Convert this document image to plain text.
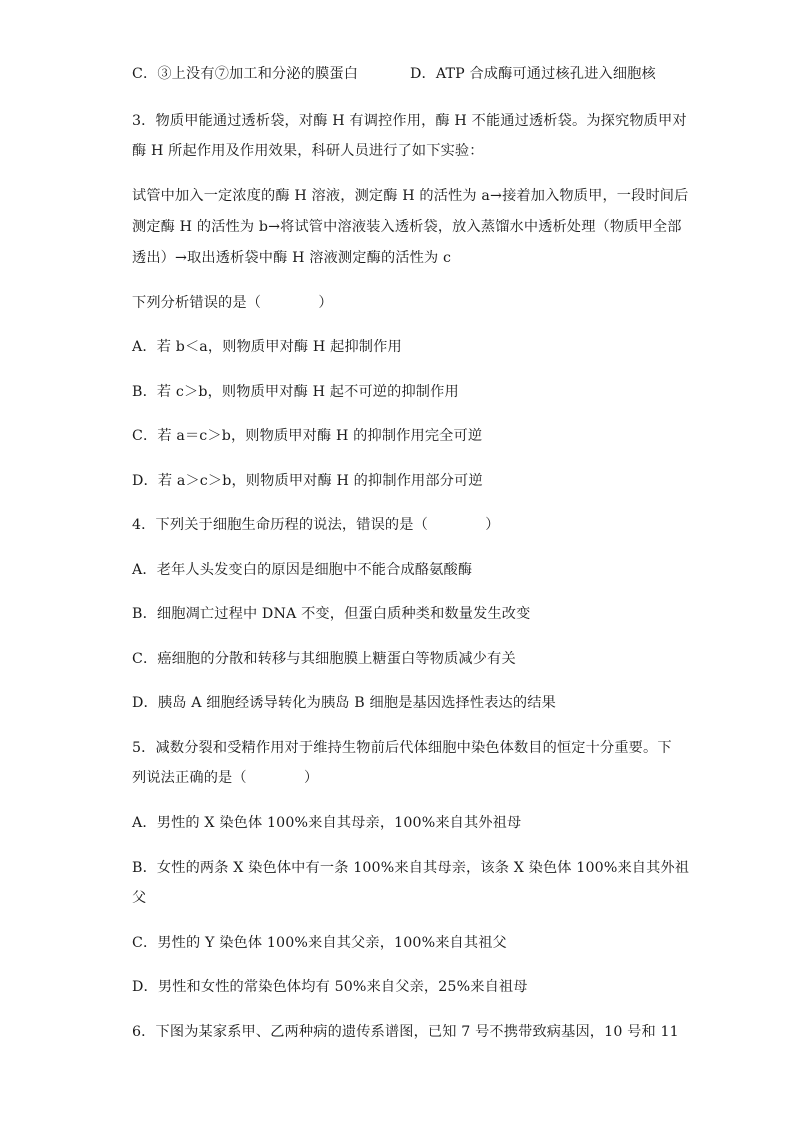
C．③上没有⑦加工和分泌的膜蛋白	D．ATP 合成酶可通过核孔进入细胞核
3．物质甲能通过透析袋，对酶 H 有调控作用，酶 H 不能通过透析袋。为探究物质甲对
酶 H 所起作用及作用效果，科研人员进行了如下实验：
试管中加入一定浓度的酶 H 溶液，测定酶 H 的活性为 a→接着加入物质甲，一段时间后
测定酶 H 的活性为 b→将试管中溶液装入透析袋，放入蒸馏水中透析处理（物质甲全部
透出）→取出透析袋中酶 H 溶液测定酶的活性为 c
下列分析错误的是（　　　　）
A．若 b＜a，则物质甲对酶 H 起抑制作用
B．若 c＞b，则物质甲对酶 H 起不可逆的抑制作用
C．若 a＝c＞b，则物质甲对酶 H 的抑制作用完全可逆
D．若 a＞c＞b，则物质甲对酶 H 的抑制作用部分可逆
4．下列关于细胞生命历程的说法，错误的是（　　　　）
A．老年人头发变白的原因是细胞中不能合成酪氨酸酶
B．细胞凋亡过程中 DNA 不变，但蛋白质种类和数量发生改变
C．癌细胞的分散和转移与其细胞膜上糖蛋白等物质减少有关
D．胰岛 A 细胞经诱导转化为胰岛 B 细胞是基因选择性表达的结果
5．减数分裂和受精作用对于维持生物前后代体细胞中染色体数目的恒定十分重要。下
列说法正确的是（　　　　）
A．男性的 X 染色体 100%来自其母亲，100%来自其外祖母
B．女性的两条 X 染色体中有一条 100%来自其母亲，该条 X 染色体 100%来自其外祖
父
C．男性的 Y 染色体 100%来自其父亲，100%来自其祖父
D．男性和女性的常染色体均有 50%来自父亲，25%来自祖母
6．下图为某家系甲、乙两种病的遗传系谱图，已知 7 号不携带致病基因，10 号和 11
